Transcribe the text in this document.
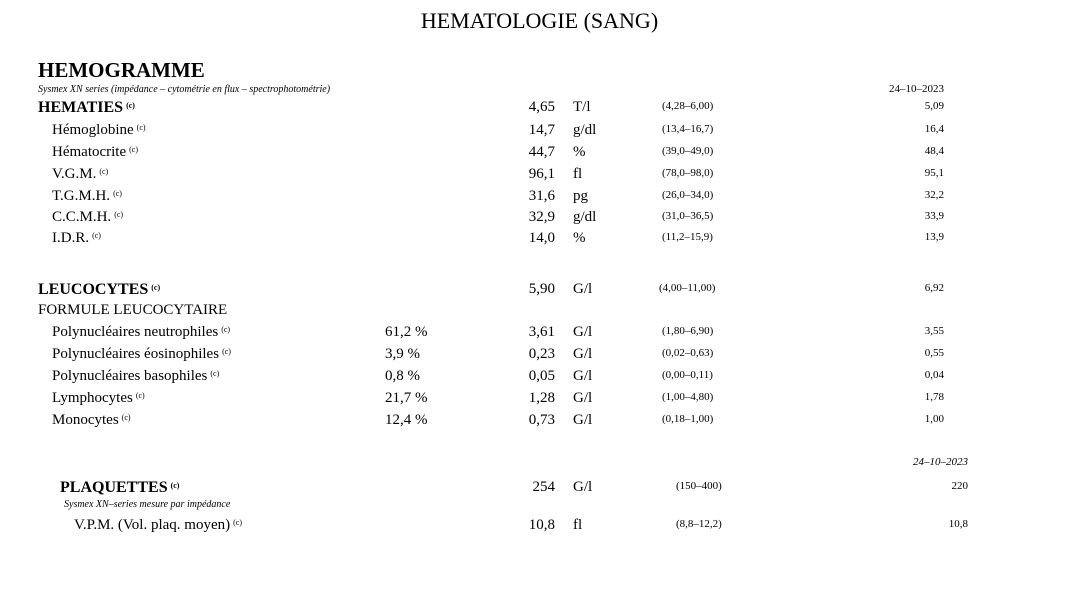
HEMATOLOGIE (SANG)
HEMOGRAMME
Sysmex XN series (impédance – cytométrie en flux – spectrophotométrie)	24–10–2023
HEMATIES $^{(c)}$	4,65 T/l	(4,28–6,00)	5,09
Hémoglobine $^{(c)}$	14,7 g/dl	(13,4–16,7)	16,4
Hématocrite $^{(c)}$	44,7 %	(39,0–49,0)	48,4
V.G.M. $^{(c)}$	96,1 fl	(78,0–98,0)	95,1
T.G.M.H. $^{(c)}$	31,6 pg	(26,0–34,0)	32,2
C.C.M.H. $^{(c)}$	32,9 g/dl	(31,0–36,5)	33,9
I.D.R. $^{(c)}$	14,0 %	(11,2–15,9)	13,9
LEUCOCYTES $^{(c)}$	5,90 G/l	(4,00–11,00)	6,92
FORMULE LEUCOCYTAIRE
Polynucléaires neutrophiles $^{(c)}$	61,2 %	3,61 G/l	(1,80–6,90)	3,55
Polynucléaires éosinophiles $^{(c)}$	3,9 %	0,23 G/l	(0,02–0,63)	0,55
Polynucléaires basophiles $^{(c)}$	0,8 %	0,05 G/l	(0,00–0,11)	0,04
Lymphocytes $^{(c)}$	21,7 %	1,28 G/l	(1,00–4,80)	1,78
Monocytes $^{(c)}$	12,4 %	0,73 G/l	(0,18–1,00)	1,00
PLAQUETTES $^{(c)}$	254 G/l	(150–400)	220
V.P.M. (Vol. plaq. moyen) $^{(c)}$	10,8 fl	(8,8–12,2)	10,8
24–10–2023
Sysmex XN–series mesure par impédance
